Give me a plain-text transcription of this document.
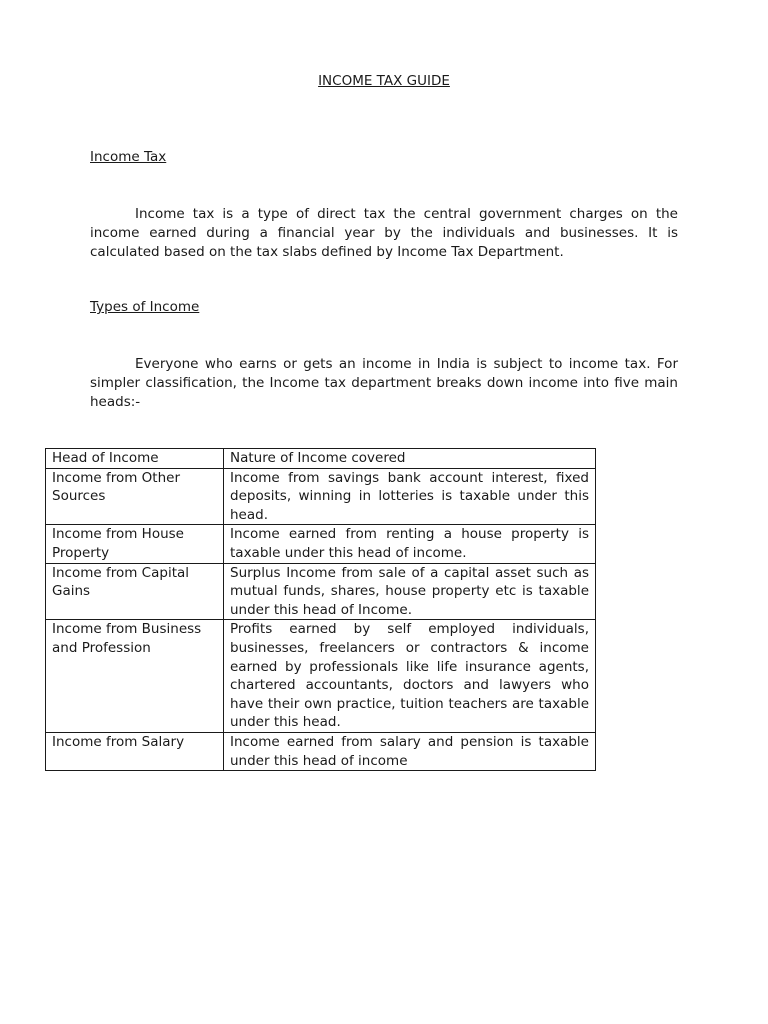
INCOME TAX GUIDE
Income Tax
Income tax is a type of direct tax the central government charges on the income earned during a financial year by the individuals and businesses. It is calculated based on the tax slabs defined by Income Tax Department.
Types of Income
Everyone who earns or gets an income in India is subject to income tax. For simpler classification, the Income tax department breaks down income into five main heads:-
Head of Income	Nature of Income covered
Income from Other Sources	Income from savings bank account interest, fixed deposits, winning in lotteries is taxable under this head.
Income from House Property	Income earned from renting a house property is taxable under this head of income.
Income from Capital Gains	Surplus Income from sale of a capital asset such as mutual funds, shares, house property etc is taxable under this head of Income.
Income from Business and Profession	Profits earned by self employed individuals, businesses, freelancers or contractors & income earned by professionals like life insurance agents, chartered accountants, doctors and lawyers who have their own practice, tuition teachers are taxable under this head.
Income from Salary	Income earned from salary and pension is taxable under this head of income
